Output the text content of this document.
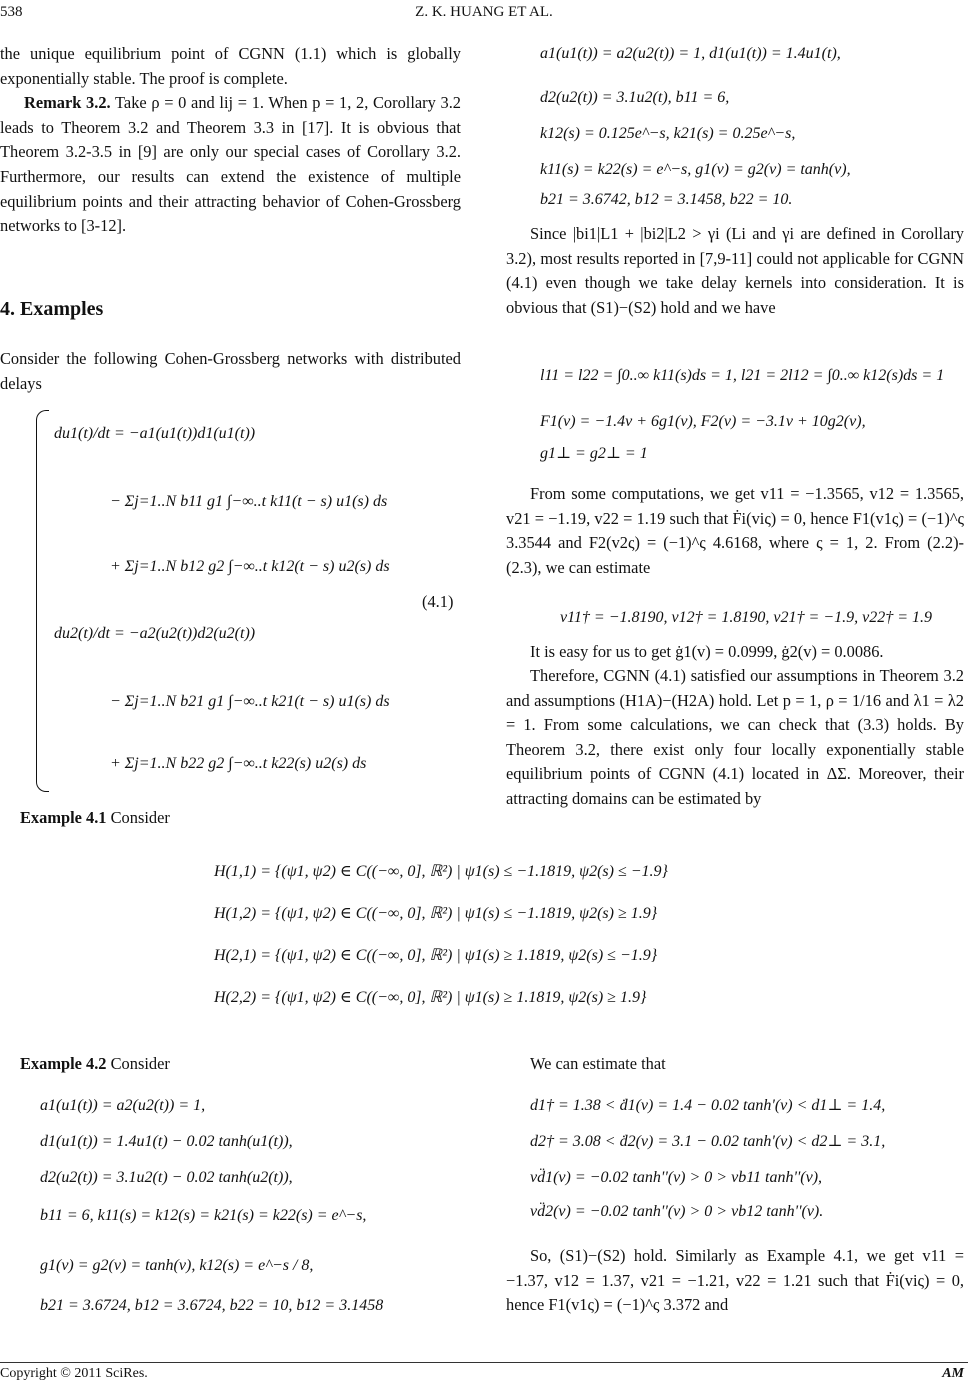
538	Z. K. HUANG ET AL.

the unique equilibrium point of CGNN (1.1) which is globally exponentially stable. The proof is complete.

Remark 3.2. Take ρ = 0 and lij = 1. When p = 1, 2, Corollary 3.2 leads to Theorem 3.2 and Theorem 3.3 in [17]. It is obvious that Theorem 3.2-3.5 in [9] are only our special cases of Corollary 3.2. Furthermore, our results can extend the existence of multiple equilibrium points and their attracting behavior of Cohen-Grossberg networks to [3-12].

4. Examples
Consider the following Cohen-Grossberg networks with distributed delays
du1(t)/dt = −a1(u1(t))d1(u1(t))
− Σj=1..N b11 g1 ∫−∞..t k11(t − s) u1(s) ds
+ Σj=1..N b12 g2 ∫−∞..t k12(t − s) u2(s) ds
du2(t)/dt = −a2(u2(t))d2(u2(t))
− Σj=1..N b21 g1 ∫−∞..t k21(t − s) u1(s) ds
+ Σj=1..N b22 g2 ∫−∞..t k22(s) u2(s) ds
(4.1)
Example 4.1 Consider
a1(u1(t)) = a2(u2(t)) = 1, d1(u1(t)) = 1.4u1(t),
d2(u2(t)) = 3.1u2(t), b11 = 6,
k12(s) = 0.125e^−s, k21(s) = 0.25e^−s,
k11(s) = k22(s) = e^−s, g1(v) = g2(v) = tanh(v),
b21 = 3.6742, b12 = 3.1458, b22 = 10.
Since |bi1|L1 + |bi2|L2 > γi (Li and γi are defined in Corollary 3.2), most results reported in [7,9-11] could not applicable for CGNN (4.1) even though we take delay kernels into consideration. It is obvious that (S1)−(S2) hold and we have
l11 = l22 = ∫0..∞ k11(s)ds = 1, l21 = 2l12 = ∫0..∞ k12(s)ds = 1
F1(v) = −1.4v + 6g1(v), F2(v) = −3.1v + 10g2(v),
g1⊥ = g2⊥ = 1
From some computations, we get v11 = −1.3565, v12 = 1.3565, v21 = −1.19, v22 = 1.19 such that Ḟi(viς) = 0, hence F1(v1ς) = (−1)^ς 3.3544 and F2(v2ς) = (−1)^ς 4.6168, where ς = 1, 2. From (2.2)-(2.3), we can estimate
v11† = −1.8190, v12† = 1.8190, v21† = −1.9, v22† = 1.9
It is easy for us to get ġ1(v) = 0.0999, ġ2(v) = 0.0086.
Therefore, CGNN (4.1) satisfied our assumptions in Theorem 3.2 and assumptions (H1A)−(H2A) hold. Let p = 1, ρ = 1/16 and λ1 = λ2 = 1. From some calculations, we can check that (3.3) holds. By Theorem 3.2, there exist only four locally exponentially stable equilibrium points of CGNN (4.1) located in ΔΣ. Moreover, their attracting domains can be estimated by
H(1,1) = {(ψ1, ψ2) ∈ C((−∞, 0], ℝ²) | ψ1(s) ≤ −1.1819, ψ2(s) ≤ −1.9}
H(1,2) = {(ψ1, ψ2) ∈ C((−∞, 0], ℝ²) | ψ1(s) ≤ −1.1819, ψ2(s) ≥ 1.9}
H(2,1) = {(ψ1, ψ2) ∈ C((−∞, 0], ℝ²) | ψ1(s) ≥ 1.1819, ψ2(s) ≤ −1.9}
H(2,2) = {(ψ1, ψ2) ∈ C((−∞, 0], ℝ²) | ψ1(s) ≥ 1.1819, ψ2(s) ≥ 1.9}
Example 4.2 Consider
a1(u1(t)) = a2(u2(t)) = 1,
d1(u1(t)) = 1.4u1(t) − 0.02 tanh(u1(t)),
d2(u2(t)) = 3.1u2(t) − 0.02 tanh(u2(t)),
b11 = 6, k11(s) = k12(s) = k21(s) = k22(s) = e^−s,
g1(v) = g2(v) = tanh(v), k12(s) = e^−s / 8,
b21 = 3.6724, b12 = 3.6724, b22 = 10, b12 = 3.1458
We can estimate that
d1† = 1.38 < ḋ1(v) = 1.4 − 0.02 tanh'(v) < d1⊥ = 1.4,
d2† = 3.08 < ḋ2(v) = 3.1 − 0.02 tanh'(v) < d2⊥ = 3.1,
vd̈1(v) = −0.02 tanh''(v) > 0 > vb11 tanh''(v),
vd̈2(v) = −0.02 tanh''(v) > 0 > vb12 tanh''(v).
So, (S1)−(S2) hold. Similarly as Example 4.1, we get v11 = −1.37, v12 = 1.37, v21 = −1.21, v22 = 1.21 such that Ḟi(viς) = 0, hence F1(v1ς) = (−1)^ς 3.372 and
Copyright © 2011 SciRes.	AM
